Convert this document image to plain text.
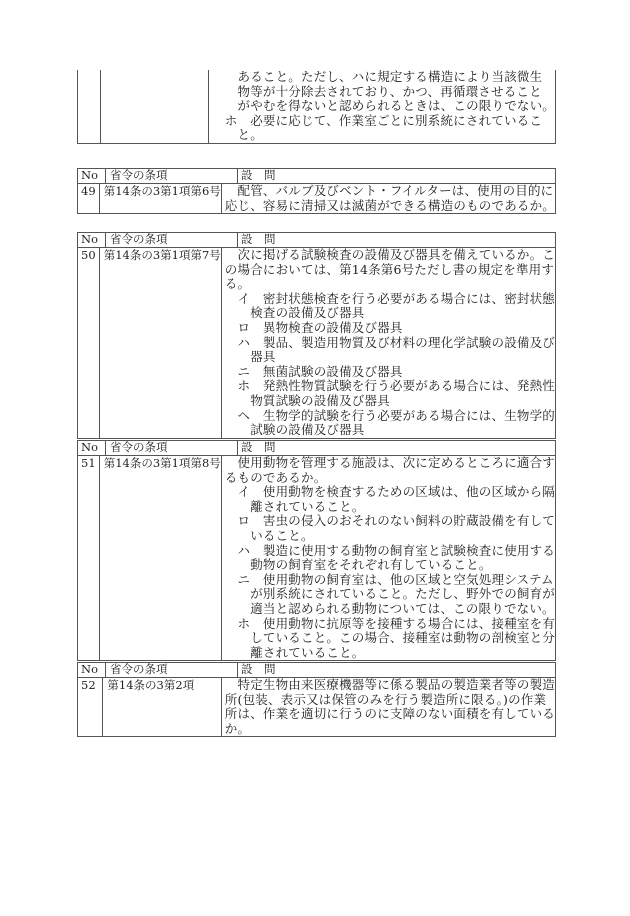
　　あること。ただし、ハに規定する構造により当該微生
　　物等が十分除去されており、かつ、再循環させること
　　がやむを得ないと認められるときは、この限りでない。
　ホ　必要に応じて、作業室ごとに別系統にされているこ
　　と。
No	省令の条項	設　問
49 第14条の3第1項第6号 　配管、バルブ及びベント・フイルターは、使用の目的に
応じ、容易に清掃又は滅菌ができる構造のものであるか。
No	省令の条項	設　問
50 第14条の3第1項第7号 　次に掲げる試験検査の設備及び器具を備えているか。こ
の場合においては、第14条第6号ただし書の規定を準用す
る。
　イ　密封状態検査を行う必要がある場合には、密封状態
　　検査の設備及び器具
　ロ　異物検査の設備及び器具
　ハ　製品、製造用物質及び材料の理化学試験の設備及び
　　器具
　ニ　無菌試験の設備及び器具
　ホ　発熱性物質試験を行う必要がある場合には、発熱性
　　物質試験の設備及び器具
　ヘ　生物学的試験を行う必要がある場合には、生物学的
　　試験の設備及び器具
No	省令の条項	設　問
51 第14条の3第1項第8号 　使用動物を管理する施設は、次に定めるところに適合す
るものであるか。
　イ　使用動物を検査するための区域は、他の区域から隔
　　離されていること。
　ロ　害虫の侵入のおそれのない飼料の貯蔵設備を有して
　　いること。
　ハ　製造に使用する動物の飼育室と試験検査に使用する
　　動物の飼育室をそれぞれ有していること。
　ニ　使用動物の飼育室は、他の区域と空気処理システム
　　が別系統にされていること。ただし、野外での飼育が
　　適当と認められる動物については、この限りでない。
　ホ　使用動物に抗原等を接種する場合には、接種室を有
　　していること。この場合、接種室は動物の剖検室と分
　　離されていること。
No	省令の条項	設　問
52	第14条の3第2項	　特定生物由来医療機器等に係る製品の製造業者等の製造
所(包装、表示又は保管のみを行う製造所に限る。)の作業
所は、作業を適切に行うのに支障のない面積を有している
か。
